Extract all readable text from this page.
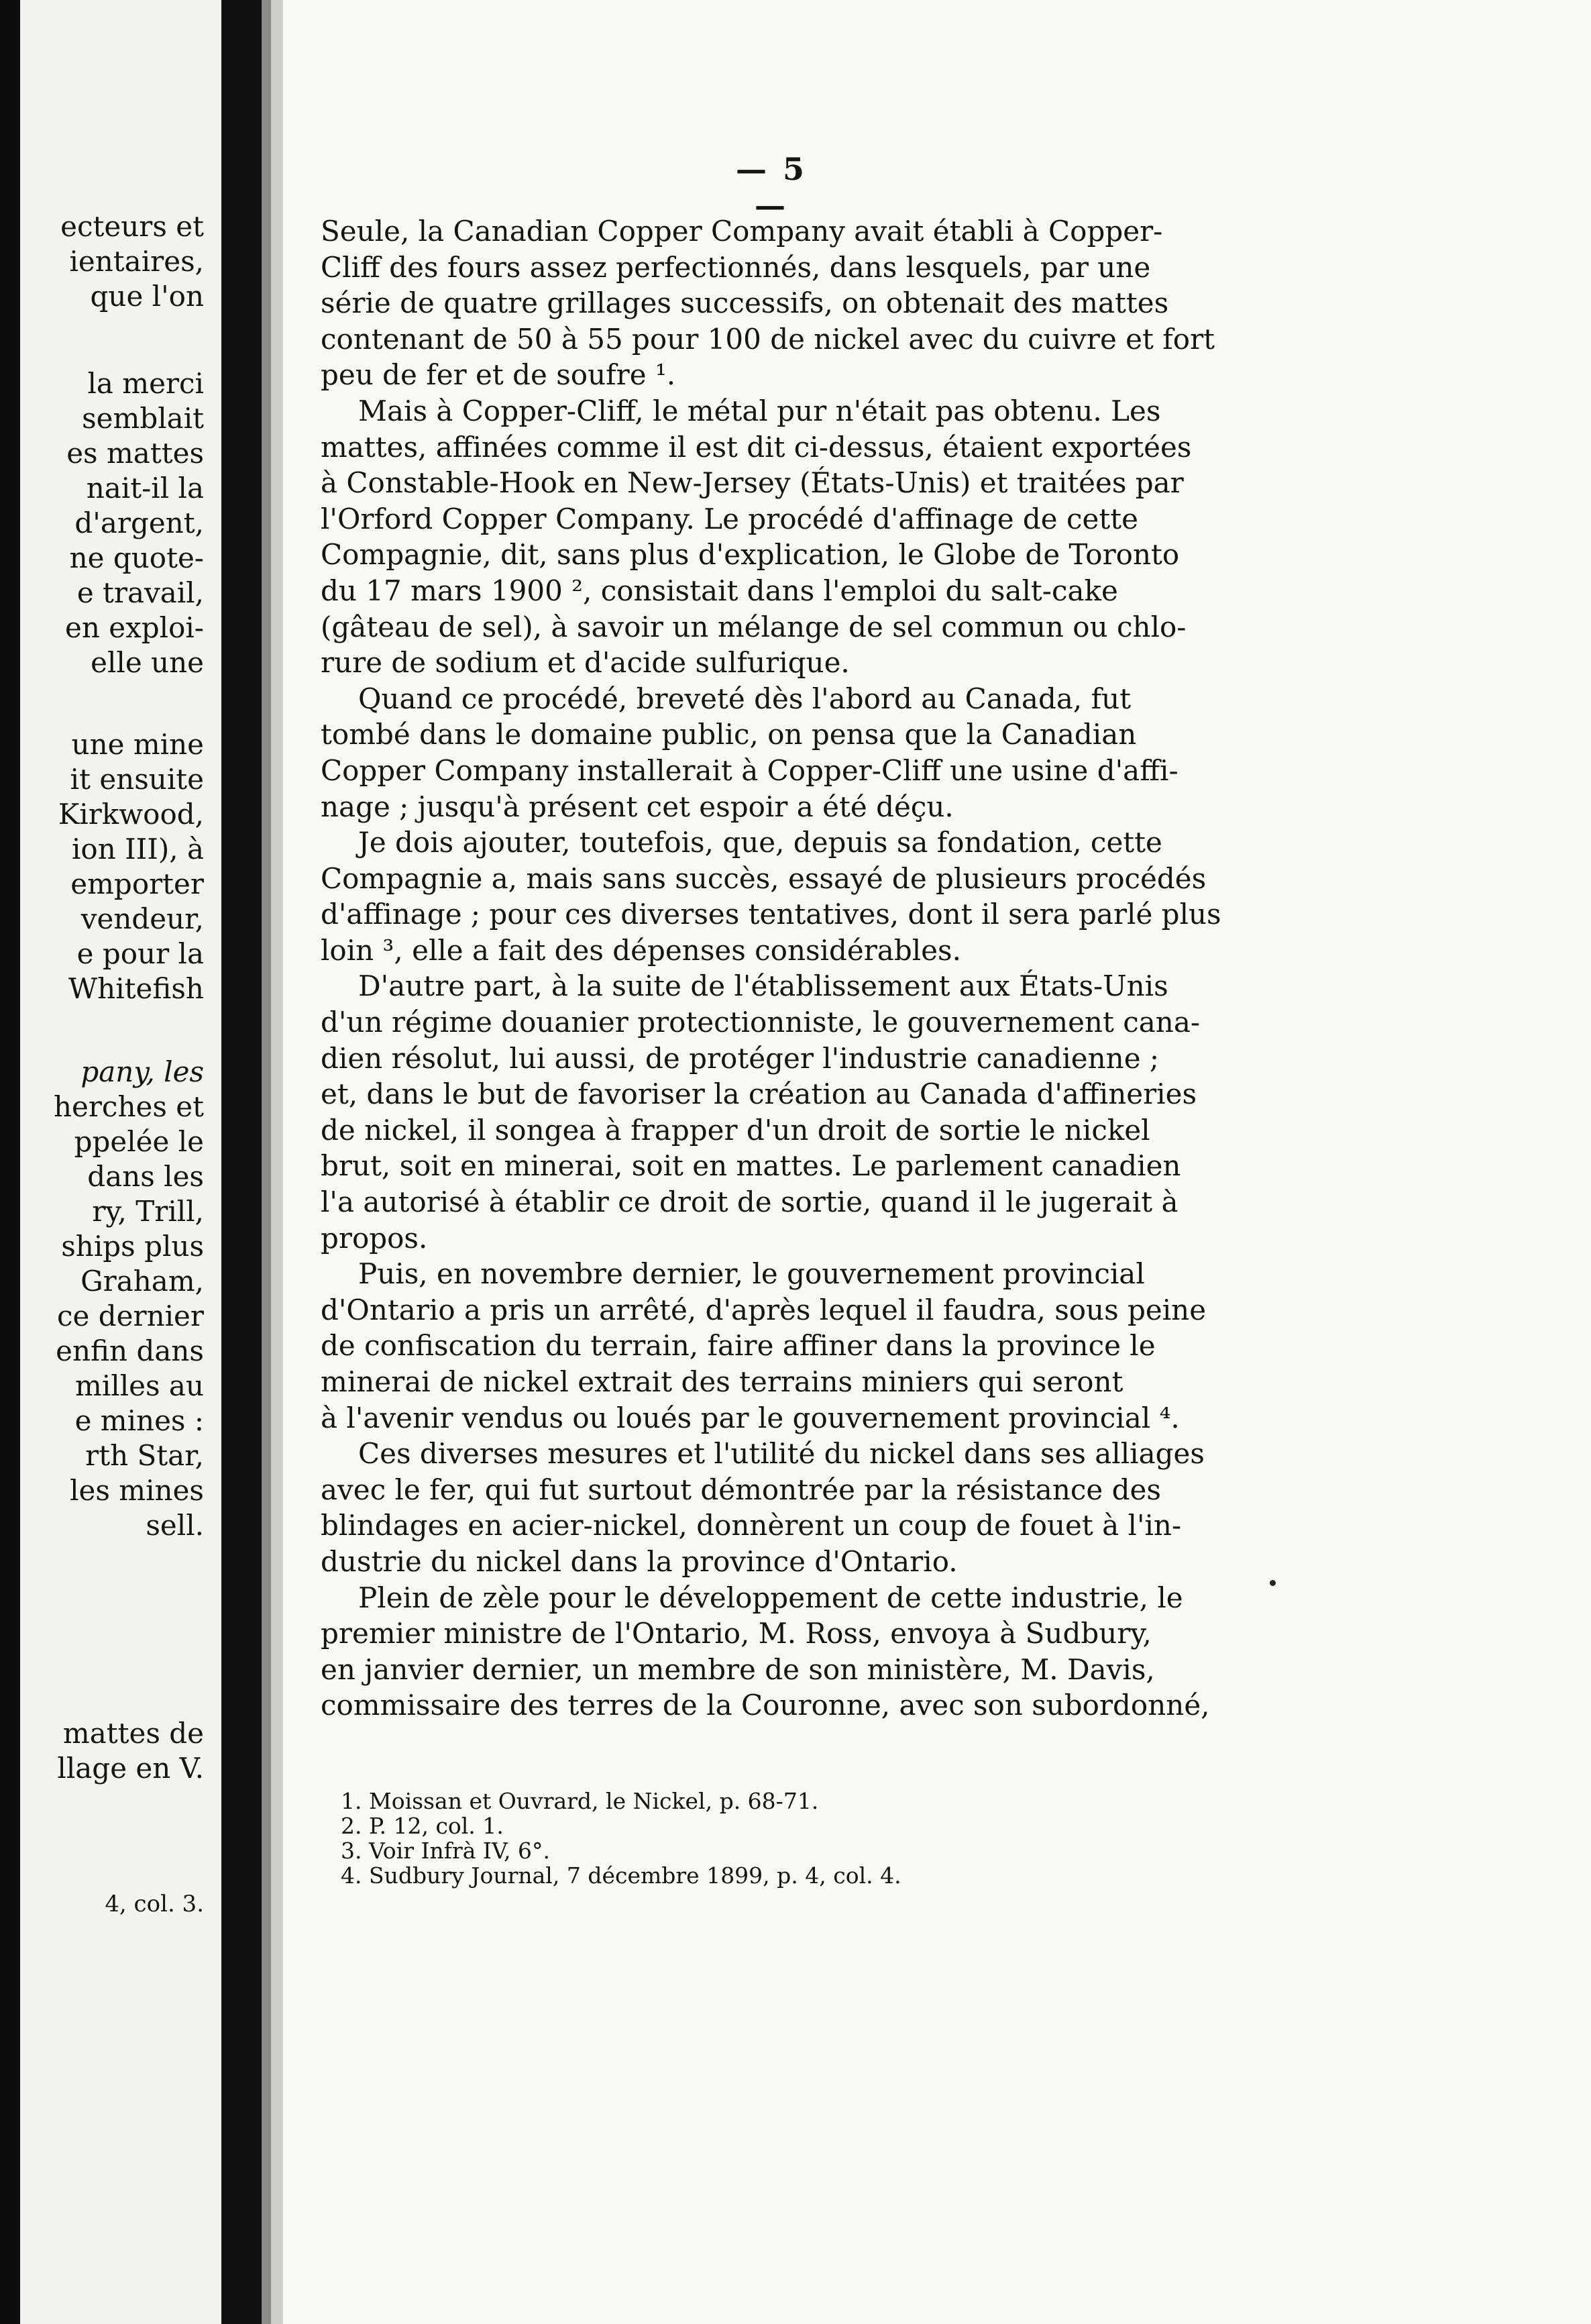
ecteurs et
ientaires,
que l'on
la merci
semblait
es mattes
nait-il la
d'argent,
ne quote-
e travail,
en exploi-
elle une
une mine
it ensuite
Kirkwood,
ion III), à
emporter
vendeur,
e pour la
Whitefish
pany, les
herches et
ppelée le
dans les
ry, Trill,
ships plus
Graham,
ce dernier
enfin dans
milles au
e mines :
rth Star,
les mines
sell.
mattes de
llage en V.
4, col. 3.
— 5 —
Seule, la Canadian Copper Company avait établi à Copper-
Cliff des fours assez perfectionnés, dans lesquels, par une
série de quatre grillages successifs, on obtenait des mattes
contenant de 50 à 55 pour 100 de nickel avec du cuivre et fort
peu de fer et de soufre ¹.
Mais à Copper-Cliff, le métal pur n'était pas obtenu. Les
mattes, affinées comme il est dit ci-dessus, étaient exportées
à Constable-Hook en New-Jersey (États-Unis) et traitées par
l'Orford Copper Company. Le procédé d'affinage de cette
Compagnie, dit, sans plus d'explication, le Globe de Toronto
du 17 mars 1900 ², consistait dans l'emploi du salt-cake
(gâteau de sel), à savoir un mélange de sel commun ou chlo-
rure de sodium et d'acide sulfurique.
Quand ce procédé, breveté dès l'abord au Canada, fut
tombé dans le domaine public, on pensa que la Canadian
Copper Company installerait à Copper-Cliff une usine d'affi-
nage ; jusqu'à présent cet espoir a été déçu.
Je dois ajouter, toutefois, que, depuis sa fondation, cette
Compagnie a, mais sans succès, essayé de plusieurs procédés
d'affinage ; pour ces diverses tentatives, dont il sera parlé plus
loin ³, elle a fait des dépenses considérables.
D'autre part, à la suite de l'établissement aux États-Unis
d'un régime douanier protectionniste, le gouvernement cana-
dien résolut, lui aussi, de protéger l'industrie canadienne ;
et, dans le but de favoriser la création au Canada d'affineries
de nickel, il songea à frapper d'un droit de sortie le nickel
brut, soit en minerai, soit en mattes. Le parlement canadien
l'a autorisé à établir ce droit de sortie, quand il le jugerait à
propos.
Puis, en novembre dernier, le gouvernement provincial
d'Ontario a pris un arrêté, d'après lequel il faudra, sous peine
de confiscation du terrain, faire affiner dans la province le
minerai de nickel extrait des terrains miniers qui seront
à l'avenir vendus ou loués par le gouvernement provincial ⁴.
Ces diverses mesures et l'utilité du nickel dans ses alliages
avec le fer, qui fut surtout démontrée par la résistance des
blindages en acier-nickel, donnèrent un coup de fouet à l'in-
dustrie du nickel dans la province d'Ontario.
Plein de zèle pour le développement de cette industrie, le
premier ministre de l'Ontario, M. Ross, envoya à Sudbury,
en janvier dernier, un membre de son ministère, M. Davis,
commissaire des terres de la Couronne, avec son subordonné,
1. Moissan et Ouvrard, le Nickel, p. 68-71.
2. P. 12, col. 1.
3. Voir Infrà IV, 6°.
4. Sudbury Journal, 7 décembre 1899, p. 4, col. 4.
